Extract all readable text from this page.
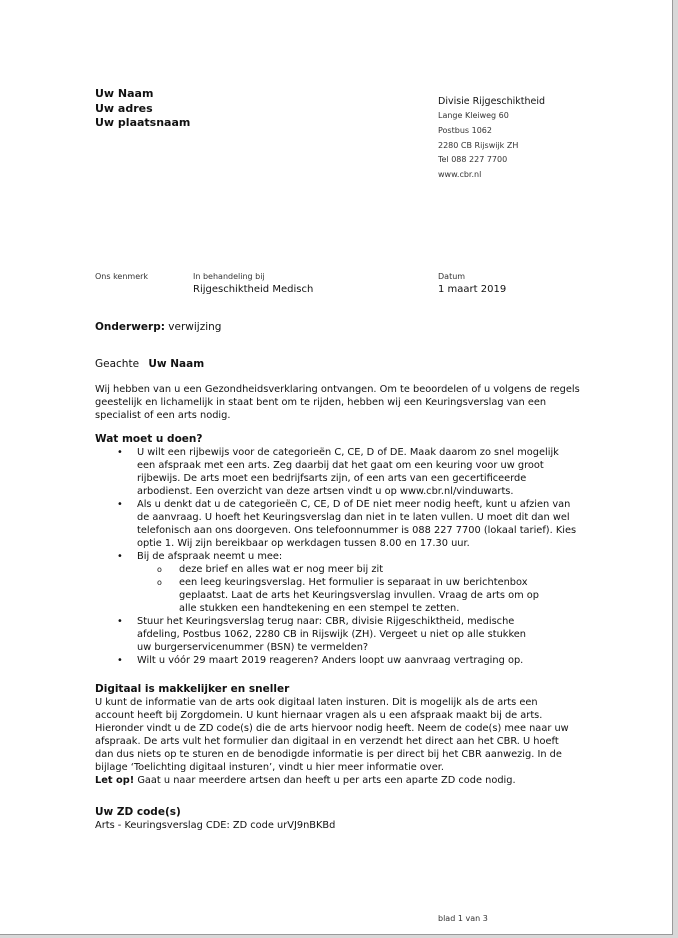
Uw Naam
Uw adres
Uw plaatsnaam
Divisie Rijgeschiktheid
Lange Kleiweg 60
Postbus 1062
2280 CB Rijswijk ZH
Tel 088 227 7700
www.cbr.nl
Ons kenmerk	In behandeling bij
Rijgeschiktheid Medisch
Datum
1 maart 2019
Onderwerp: verwijzing
Geachte Uw Naam
Wij hebben van u een Gezondheidsverklaring ontvangen. Om te beoordelen of u volgens de regels
geestelijk en lichamelijk in staat bent om te rijden, hebben wij een Keuringsverslag van een
specialist of een arts nodig.
Wat moet u doen?
• U wilt een rijbewijs voor de categorieën C, CE, D of DE. Maak daarom zo snel mogelijk
een afspraak met een arts. Zeg daarbij dat het gaat om een keuring voor uw groot
rijbewijs. De arts moet een bedrijfsarts zijn, of een arts van een gecertificeerde
arbodienst. Een overzicht van deze artsen vindt u op www.cbr.nl/vinduwarts.
• Als u denkt dat u de categorieën C, CE, D of DE niet meer nodig heeft, kunt u afzien van
de aanvraag. U hoeft het Keuringsverslag dan niet in te laten vullen. U moet dit dan wel
telefonisch aan ons doorgeven. Ons telefoonnummer is 088 227 7700 (lokaal tarief). Kies
optie 1. Wij zijn bereikbaar op werkdagen tussen 8.00 en 17.30 uur.
• Bij de afspraak neemt u mee:
o deze brief en alles wat er nog meer bij zit
o een leeg keuringsverslag. Het formulier is separaat in uw berichtenbox
geplaatst. Laat de arts het Keuringsverslag invullen. Vraag de arts om op
alle stukken een handtekening en een stempel te zetten.
• Stuur het Keuringsverslag terug naar: CBR, divisie Rijgeschiktheid, medische
afdeling, Postbus 1062, 2280 CB in Rijswijk (ZH). Vergeet u niet op alle stukken
uw burgerservicenummer (BSN) te vermelden?
• Wilt u vóór 29 maart 2019 reageren? Anders loopt uw aanvraag vertraging op.
Digitaal is makkelijker en sneller
U kunt de informatie van de arts ook digitaal laten insturen. Dit is mogelijk als de arts een
account heeft bij Zorgdomein. U kunt hiernaar vragen als u een afspraak maakt bij de arts.
Hieronder vindt u de ZD code(s) die de arts hiervoor nodig heeft. Neem de code(s) mee naar uw
afspraak. De arts vult het formulier dan digitaal in en verzendt het direct aan het CBR. U hoeft
dan dus niets op te sturen en de benodigde informatie is per direct bij het CBR aanwezig. In de
bijlage ‘Toelichting digitaal insturen’, vindt u hier meer informatie over.
Let op! Gaat u naar meerdere artsen dan heeft u per arts een aparte ZD code nodig.
Uw ZD code(s)
Arts - Keuringsverslag CDE: ZD code urVJ9nBKBd
blad 1 van 3
